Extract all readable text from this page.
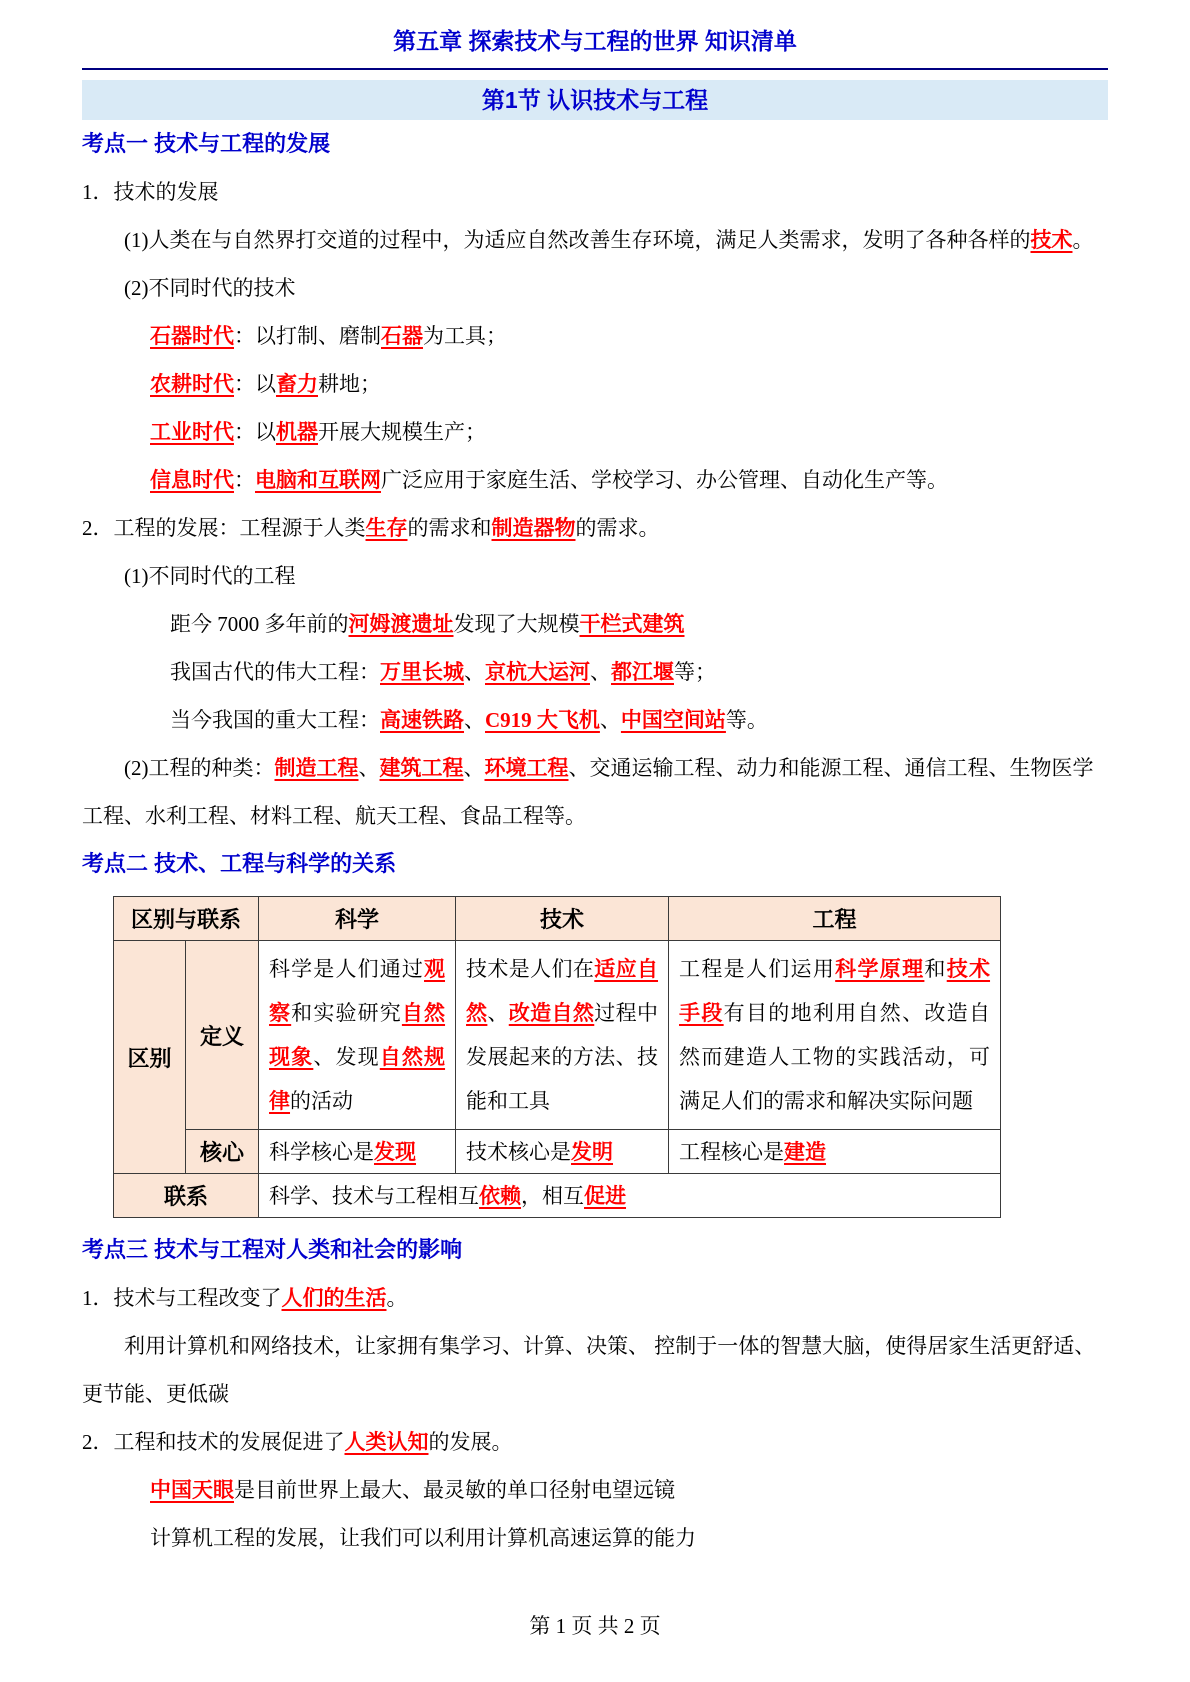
第五章 探索技术与工程的世界 知识清单
第1节 认识技术与工程
考点一 技术与工程的发展

1．技术的发展

(1)人类在与自然界打交道的过程中，为适应自然改善生存环境，满足人类需求，发明了各种各样的技术。

(2)不同时代的技术

石器时代：以打制、磨制石器为工具；

农耕时代：以畜力耕地；

工业时代：以机器开展大规模生产；

信息时代：电脑和互联网广泛应用于家庭生活、学校学习、办公管理、自动化生产等。

2．工程的发展：工程源于人类生存的需求和制造器物的需求。

(1)不同时代的工程

距今 7000 多年前的河姆渡遗址发现了大规模干栏式建筑

我国古代的伟大工程：万里长城、京杭大运河、都江堰等；

当今我国的重大工程：高速铁路、C919 大飞机、中国空间站等。

(2)工程的种类：制造工程、建筑工程、环境工程、交通运输工程、动力和能源工程、通信工程、生物医学工程、水利工程、材料工程、航天工程、食品工程等。

考点二 技术、工程与科学的关系
区别与联系		科学	技术	工程
区别	定义	科学是人们通过观察和实验研究自然现象、发现自然规律的活动	技术是人们在适应自然、改造自然过程中发展起来的方法、技能和工具	工程是人们运用科学原理和技术手段有目的地利用自然、改造自然而建造人工物的实践活动，可满足人们的需求和解决实际问题
	核心	科学核心是发现	技术核心是发明	工程核心是建造
联系		科学、技术与工程相互依赖，相互促进		
考点三 技术与工程对人类和社会的影响

1．技术与工程改变了人们的生活。

利用计算机和网络技术，让家拥有集学习、计算、决策、 控制于一体的智慧大脑，使得居家生活更舒适、更节能、更低碳

2．工程和技术的发展促进了人类认知的发展。

中国天眼是目前世界上最大、最灵敏的单口径射电望远镜

计算机工程的发展，让我们可以利用计算机高速运算的能力

第 1 页 共 2 页
